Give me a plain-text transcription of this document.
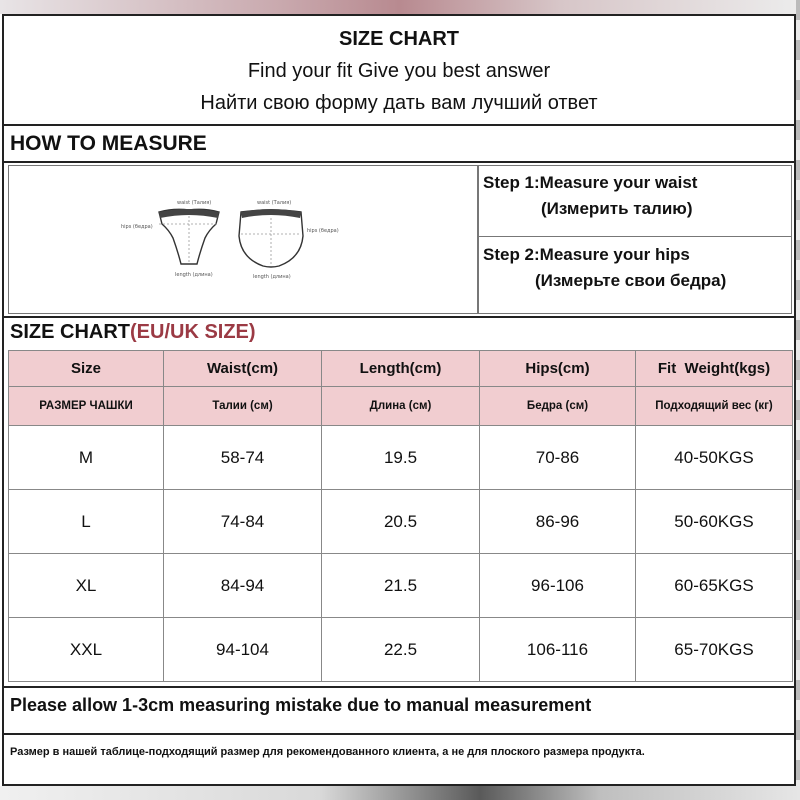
SIZE CHART
Find your fit Give you best answer
Найти свою форму дать вам лучший ответ
HOW TO MEASURE
waist (Талия)
hips (бедра)
length (длина)
waist (Талия)
hips (бедра)
length (длина)
Step 1:Measure your waist
(Измерить талию)
Step 2:Measure your hips
(Измерьте свои бедра)
SIZE CHART(EU/UK SIZE)
Size	Waist(cm)	Length(cm)	Hips(cm)	Fit  Weight(kgs)
РАЗМЕР ЧАШКИ	Талии (см)	Длина (см)	Бедра (см)	Подходящий вес (кг)
M	58-74	19.5	70-86	40-50KGS
L	74-84	20.5	86-96	50-60KGS
XL	84-94	21.5	96-106	60-65KGS
XXL	94-104	22.5	106-116	65-70KGS
Please allow 1-3cm measuring mistake due to manual measurement
Размер в нашей таблице-подходящий размер для рекомендованного клиента, а не для плоского размера продукта.
